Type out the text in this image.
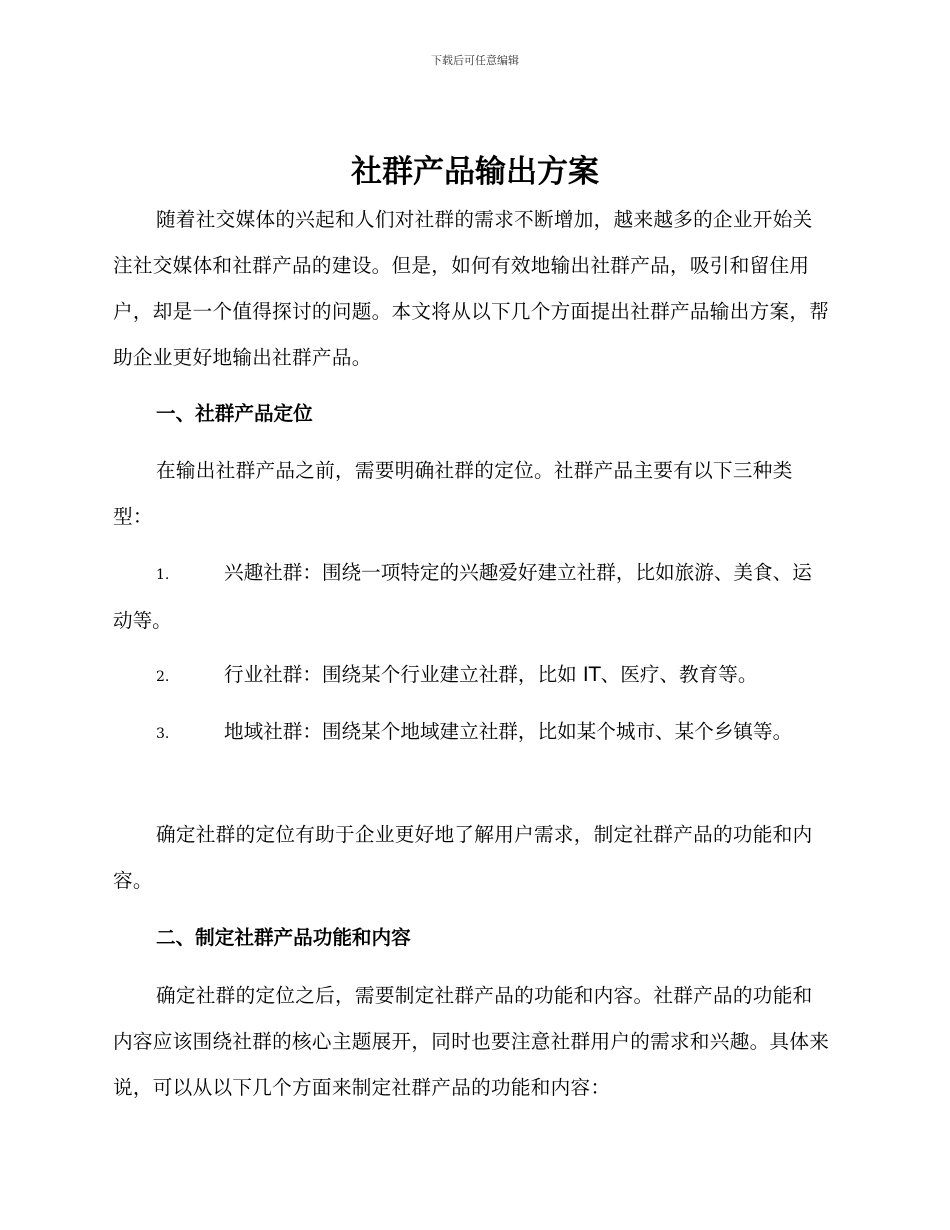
下载后可任意编辑
社群产品输出方案

随着社交媒体的兴起和人们对社群的需求不断增加，越来越多的企业开始关注社交媒体和社群产品的建设。但是，如何有效地输出社群产品，吸引和留住用户，却是一个值得探讨的问题。本文将从以下几个方面提出社群产品输出方案，帮助企业更好地输出社群产品。

一、社群产品定位

在输出社群产品之前，需要明确社群的定位。社群产品主要有以下三种类型：

1.	兴趣社群：围绕一项特定的兴趣爱好建立社群，比如旅游、美食、运动等。

2.	行业社群：围绕某个行业建立社群，比如 IT、医疗、教育等。

3.	地域社群：围绕某个地域建立社群，比如某个城市、某个乡镇等。

确定社群的定位有助于企业更好地了解用户需求，制定社群产品的功能和内容。

二、制定社群产品功能和内容

确定社群的定位之后，需要制定社群产品的功能和内容。社群产品的功能和内容应该围绕社群的核心主题展开，同时也要注意社群用户的需求和兴趣。具体来说，可以从以下几个方面来制定社群产品的功能和内容：
